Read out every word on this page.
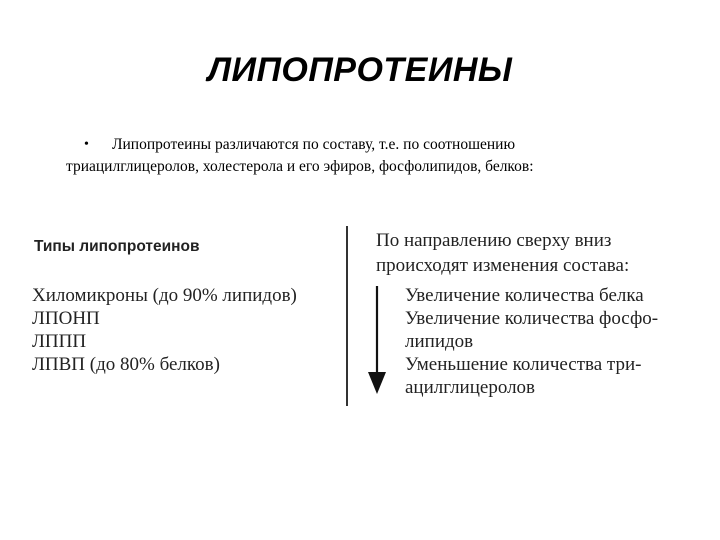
ЛИПОПРОТЕИНЫ
• Липопротеины различаются по составу, т.е. по соотношению
триацилглицеролов, холестерола и его эфиров, фосфолипидов, белков:
Типы липопротеинов
Хиломикроны (до 90% липидов)
ЛПОНП
ЛППП
ЛПВП (до 80% белков)
По направлению сверху вниз
происходят изменения состава:
Увеличение количества белка
Увеличение количества фосфо-
липидов
Уменьшение количества три-
ацилглицеролов
